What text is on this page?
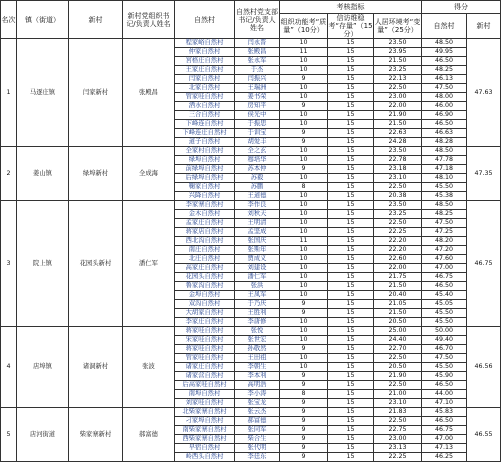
名次	镇（街道）	新村	新村党组织书记/负责人姓名	自然村	自然村党支部书记/负责人姓名	考核指标			得分	
						组织功能考“质量”（10分）	信访维稳考“存量”（15分）	人居环境考“变量”（25分）	自然村	新村
1	马逐庄镇	闫家新村	张殿昌	程家峪自然村	闫永晋	10	15	23.50	48.50	47.63
				仲家自然村	张殿昌	11	15	23.95	49.95	
				宮格庄自然村	张永军	10	15	21.50	46.50	
				王家庄自然村	于杰	10	15	23.25	48.25	
				闫家自然村	闫振兴	9	15	22.13	46.13	
				北家自然村	王瑞洲	10	15	22.50	47.50	
				管家哇自然村	姜书荣	10	15	23.00	48.00	
				洒水自然村	房知平	9	15	22.00	46.00	
				三合自然村	侯光中	10	15	21.90	46.90	
				下峰连自然村	于振思	10	15	21.50	46.50	
				下峰连庄自然村	于训宝	9	15	22.63	46.63	
				道子自然村	胡爱丰	9	15	24.28	48.28	
2	姜山镇	绿埠新村	全成海	全家村自然村	全之玄	10	15	23.50	48.50	47.35
				绿埠自然村	穆培华	10	15	22.78	47.78	
				前绿埠自然村	苏本仲	9	15	23.18	47.18	
				后绿埠自然村	苏毅	10	15	23.10	48.10	
				鞠家自然村	苏鹏	8	15	22.50	45.50	
				兴降自然村	王道德	10	15	20.38	45.38	
3	院上镇	花园头新村	潘仁军	李家寨自然村	李作良	10	15	23.50	48.50	46.75
				金木自然村	刘秋天	10	15	23.25	48.25	
				孟家庄自然村	王明清	10	15	22.50	47.50	
				蒋家店自然村	孟坚成	10	15	22.25	47.25	
				西北沟自然村	张国庆	11	15	22.20	48.20	
				南庄自然村	张斯年	10	15	22.20	47.20	
				北庄自然村	贾成义	10	15	22.60	47.60	
				高家庄自然村	刘建设	10	15	22.00	47.00	
				花园头自然村	潘仁军	10	15	21.75	46.75	
				鲁家沟自然村	张洪	10	15	21.50	46.50	
				金埠自然村	王凤军	10	15	20.40	45.40	
				双沟自然村	于乃庆	9	15	21.05	45.05	
				大胡家自然村	王胜利	9	15	21.50	45.50	
				李家庄自然村	李唐修	10	15	20.50	45.50	
4	店埠镇	诸洞新村	张波	蒋家哇自然村	张悦	10	15	25.00	50.00	46.56
				宋家哇自然村	张世宏	10	15	24.40	49.40	
				蒋家哇自然村	孙敬然	9	15	22.70	46.70	
				管家哇自然村	王田祖	10	15	22.50	47.50	
				诸家庄自然村	李朝生	10	15	20.50	45.50	
				诸家营自然村	李本利	9	15	21.90	45.90	
				后高家哇自然村	高明浩	9	15	22.50	46.50	
				南埠自然村	李小涛	8	15	21.00	44.00	
				刘家哇自然村	张宝龙	9	15	23.10	47.10	
5	店河街道	柴家寨新村	郝富德	北柴家寨自然村	张云杰	9	15	21.83	45.83	46.55
				刁家埠自然村	郝富德	9	15	22.50	46.50	
				南柴家寨自然村	张同军	9	15	22.75	46.75	
				西柴家寨自然村	柴合生	9	15	23.00	47.00	
				早宿自然村	张代明	9	15	23.13	47.13	
				岭西头自然村	李廷东	9	15	22.25	46.25	
